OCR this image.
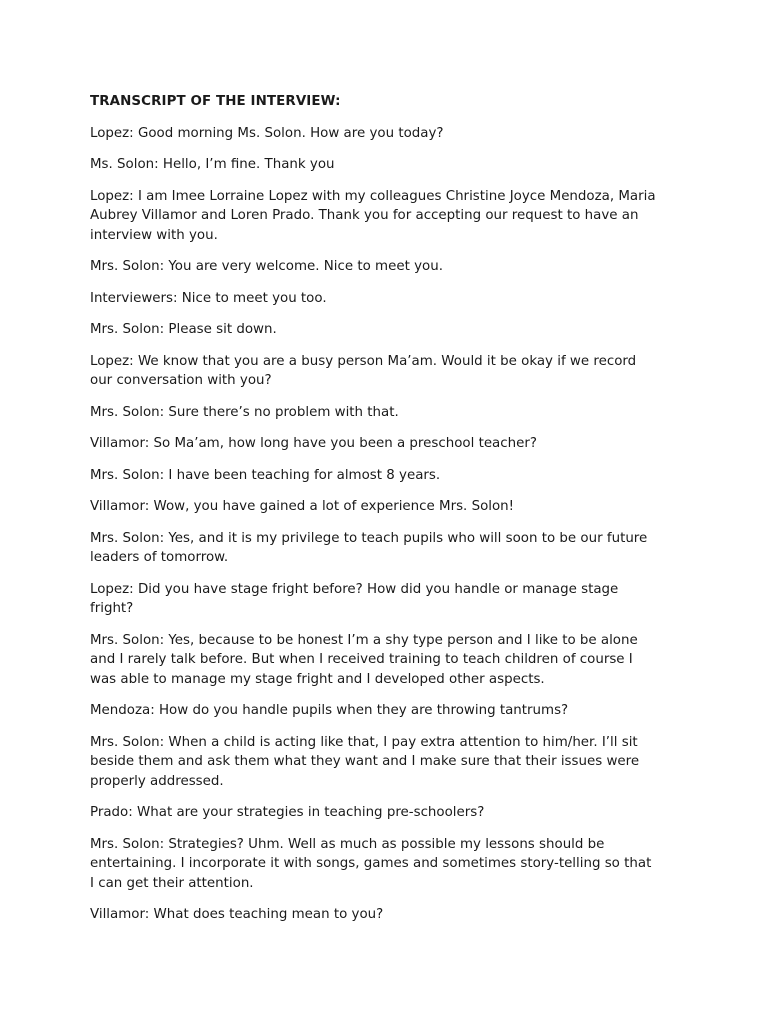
TRANSCRIPT OF THE INTERVIEW:

Lopez: Good morning Ms. Solon. How are you today?

Ms. Solon: Hello, I’m fine. Thank you

Lopez: I am Imee Lorraine Lopez with my colleagues Christine Joyce Mendoza, Maria
Aubrey Villamor and Loren Prado. Thank you for accepting our request to have an
interview with you.

Mrs. Solon: You are very welcome. Nice to meet you.

Interviewers: Nice to meet you too.

Mrs. Solon: Please sit down.

Lopez: We know that you are a busy person Ma’am. Would it be okay if we record
our conversation with you?

Mrs. Solon: Sure there’s no problem with that.

Villamor: So Ma’am, how long have you been a preschool teacher?

Mrs. Solon: I have been teaching for almost 8 years.

Villamor: Wow, you have gained a lot of experience Mrs. Solon!

Mrs. Solon: Yes, and it is my privilege to teach pupils who will soon to be our future
leaders of tomorrow.

Lopez: Did you have stage fright before? How did you handle or manage stage
fright?

Mrs. Solon: Yes, because to be honest I’m a shy type person and I like to be alone
and I rarely talk before. But when I received training to teach children of course I
was able to manage my stage fright and I developed other aspects.

Mendoza: How do you handle pupils when they are throwing tantrums?

Mrs. Solon: When a child is acting like that, I pay extra attention to him/her. I’ll sit
beside them and ask them what they want and I make sure that their issues were
properly addressed.

Prado: What are your strategies in teaching pre-schoolers?

Mrs. Solon: Strategies? Uhm. Well as much as possible my lessons should be
entertaining. I incorporate it with songs, games and sometimes story-telling so that
I can get their attention.

Villamor: What does teaching mean to you?
